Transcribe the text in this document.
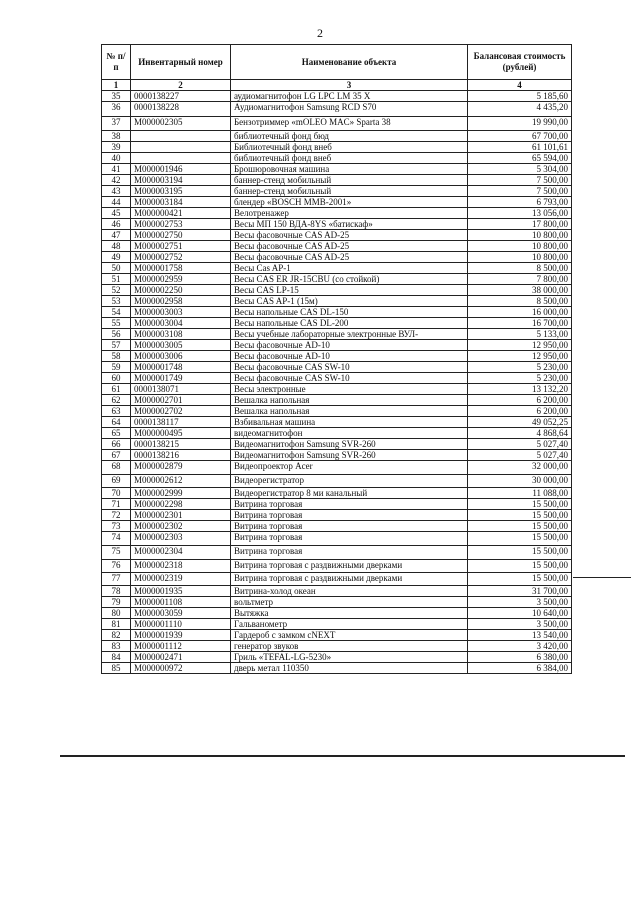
2
№ п/п	Инвентарный номер	Наименование объекта	Балансовая стоимость (рублей)
1	2	3	4
35	0000138227	аудиомагнитофон LG LPC LM 35 X	5 185,60
36	0000138228	Аудиомагнитофон Samsung RCD S70	4 435,20
37	M000002305	Бензотриммер «mOLEO MAC» Sparta 38	19 990,00
38		библиотечный фонд бюд	67 700,00
39		Библиотечный фонд внеб	61 101,61
40		библиотечный фонд внеб	65 594,00
41	M000001946	Брошюровочная машина	5 304,00
42	M000003194	баннер-стенд мобильный	7 500,00
43	M000003195	баннер-стенд мобильный	7 500,00
44	M000003184	блендер «BOSCH MMB-2001»	6 793,00
45	M000000421	Велотренажер	13 056,00
46	M000002753	Весы МП 150 ВДА-8YS «батискаф»	17 800,00
47	M000002750	Весы фасовочные CAS AD-25	10 800,00
48	M000002751	Весы фасовочные CAS AD-25	10 800,00
49	M000002752	Весы фасовочные CAS AD-25	10 800,00
50	M000001758	Весы Cas AP-1	8 500,00
51	M000002959	Весы CAS ER JR-15CBU (со стойкой)	7 800,00
52	M000002250	Весы CAS LP-15	38 000,00
53	M000002958	Весы CAS AP-1 (15м)	8 500,00
54	M000003003	Весы напольные CAS DL-150	16 000,00
55	M000003004	Весы напольные CAS DL-200	16 700,00
56	M000003108	Весы учебные лабораторные электронные ВУЛ-	5 133,00
57	M000003005	Весы фасовочные AD-10	12 950,00
58	M000003006	Весы фасовочные AD-10	12 950,00
59	M000001748	Весы фасовочные CAS SW-10	5 230,00
60	M000001749	Весы фасовочные CAS SW-10	5 230,00
61	0000138071	Весы электронные	13 132,20
62	M000002701	Вешалка напольная	6 200,00
63	M000002702	Вешалка напольная	6 200,00
64	0000138117	Взбивальная машина	49 052,25
65	M000000495	видеомагнитофон	4 868,64
66	0000138215	Видеомагнитофон Samsung SVR-260	5 027,40
67	0000138216	Видеомагнитофон Samsung SVR-260	5 027,40
68	M000002879	Видеопроектор Acer	32 000,00
69	M000002612	Видеорегистратор	30 000,00
70	M000002999	Видеорегистратор 8 ми канальный	11 088,00
71	M000002298	Витрина торговая	15 500,00
72	M000002301	Витрина торговая	15 500,00
73	M000002302	Витрина торговая	15 500,00
74	M000002303	Витрина торговая	15 500,00
75	M000002304	Витрина торговая	15 500,00
76	M000002318	Витрина торговая с раздвижными дверками	15 500,00
77	M000002319	Витрина торговая с раздвижными дверками	15 500,00
78	M000001935	Витрина-холод океан	31 700,00
79	M000001108	вольтметр	3 500,00
80	M000003059	Вытяжка	10 640,00
81	M000001110	Гальванометр	3 500,00
82	M000001939	Гардероб с замком cNEXT	13 540,00
83	M000001112	генератор звуков	3 420,00
84	M000002471	Гриль «TEFAL-LG-5230»	6 380,00
85	M000000972	дверь метал 110350	6 384,00
